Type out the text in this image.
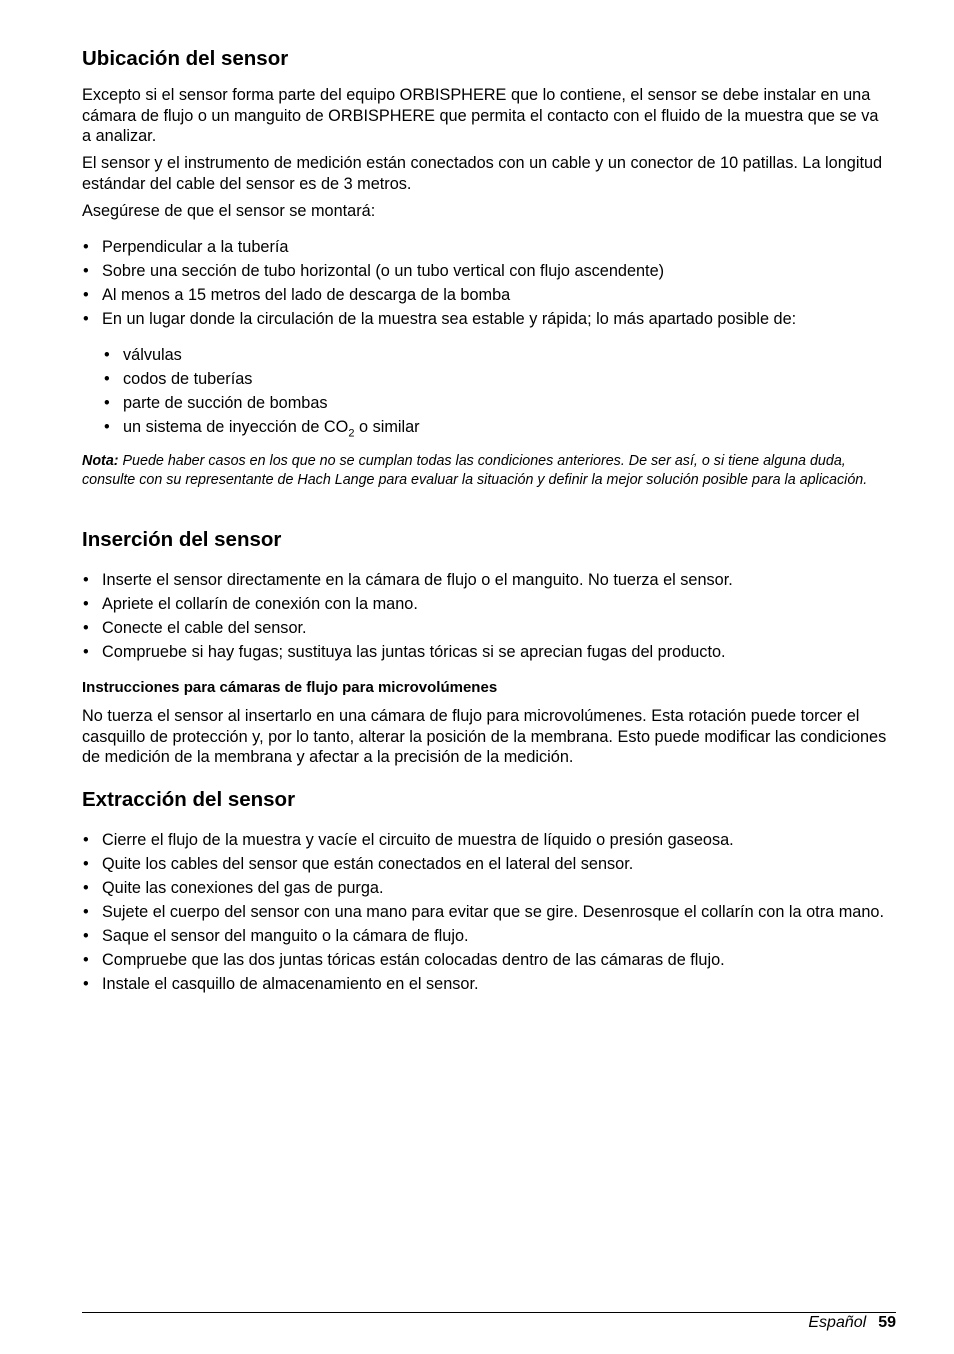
Ubicación del sensor

Excepto si el sensor forma parte del equipo ORBISPHERE que lo contiene, el sensor se debe instalar en una cámara de flujo o un manguito de ORBISPHERE que permita el contacto con el fluido de la muestra que se va a analizar.

El sensor y el instrumento de medición están conectados con un cable y un conector de 10 patillas. La longitud estándar del cable del sensor es de 3 metros.

Asegúrese de que el sensor se montará:

• Perpendicular a la tubería
• Sobre una sección de tubo horizontal (o un tubo vertical con flujo ascendente)
• Al menos a 15 metros del lado de descarga de la bomba
• En un lugar donde la circulación de la muestra sea estable y rápida; lo más apartado posible de:
• válvulas
• codos de tuberías
• parte de succión de bombas
• un sistema de inyección de $CO_2$ o similar

Nota: Puede haber casos en los que no se cumplan todas las condiciones anteriores. De ser así, o si tiene alguna duda, consulte con su representante de Hach Lange para evaluar la situación y definir la mejor solución posible para la aplicación.

Inserción del sensor
• Inserte el sensor directamente en la cámara de flujo o el manguito. No tuerza el sensor.
• Apriete el collarín de conexión con la mano.
• Conecte el cable del sensor.
• Compruebe si hay fugas; sustituya las juntas tóricas si se aprecian fugas del producto.
Instrucciones para cámaras de flujo para microvolúmenes

No tuerza el sensor al insertarlo en una cámara de flujo para microvolúmenes. Esta rotación puede torcer el casquillo de protección y, por lo tanto, alterar la posición de la membrana. Esto puede modificar las condiciones de medición de la membrana y afectar a la precisión de la medición.

Extracción del sensor
• Cierre el flujo de la muestra y vacíe el circuito de muestra de líquido o presión gaseosa.
• Quite los cables del sensor que están conectados en el lateral del sensor.
• Quite las conexiones del gas de purga.
• Sujete el cuerpo del sensor con una mano para evitar que se gire. Desenrosque el collarín con la otra mano.
• Saque el sensor del manguito o la cámara de flujo.
• Compruebe que las dos juntas tóricas están colocadas dentro de las cámaras de flujo.
• Instale el casquillo de almacenamiento en el sensor.
Español 59
